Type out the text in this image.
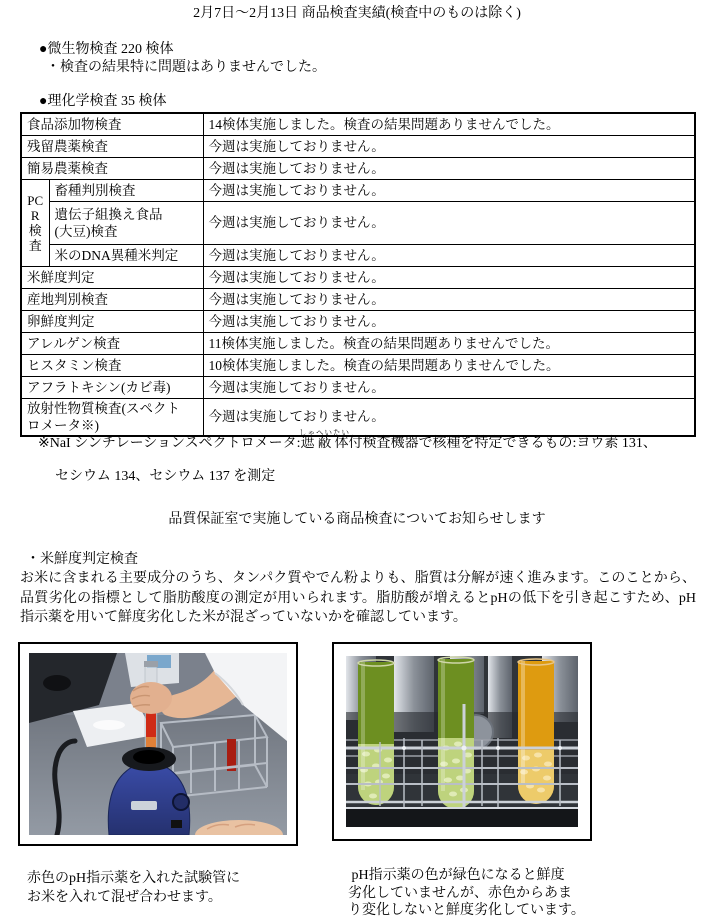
2月7日〜2月13日 商品検査実績(検査中のものは除く)
●微生物検査 220 検体
・検査の結果特に問題はありませんでした。
●理化学検査 35 検体
食品添加物検査		14検体実施しました。検査の結果問題ありませんでした。
残留農薬検査		今週は実施しておりません。
簡易農薬検査		今週は実施しておりません。

PCR検査	畜種判別検査	今週は実施しておりません。
	遺伝子組換え食品
(大豆)検査	今週は実施しておりません。
	米のDNA異種米判定	今週は実施しておりません。
米鮮度判定		今週は実施しておりません。
産地判別検査		今週は実施しておりません。
卵鮮度判定		今週は実施しておりません。
アレルゲン検査		11検体実施しました。検査の結果問題ありませんでした。
ヒスタミン検査		10検体実施しました。検査の結果問題ありませんでした。
アフラトキシン(カビ毒)		今週は実施しておりません。
放射性物質検査(スペクト
ロメータ※)		今週は実施しておりません。
※NaI シンチレーションスペクトロメータ:遮蔽体しゃへいたい付検査機器で核種を特定できるもの:ヨウ素 131、
セシウム 134、セシウム 137 を測定
品質保証室で実施している商品検査についてお知らせします
・米鮮度判定検査
お米に含まれる主要成分のうち、タンパク質やでん粉よりも、脂質は分解が速く進みます。このことから、品質劣化の指標として脂肪酸度の測定が用いられます。脂肪酸が増えるとpHの低下を引き起こすため、pH指示薬を用いて鮮度劣化した米が混ざっていないかを確認しています。
赤色のpH指示薬を入れた試験管に
お米を入れて混ぜ合わせます。
pH指示薬の色が緑色になると鮮度
劣化していませんが、赤色からあま
り変化しないと鮮度劣化しています。
